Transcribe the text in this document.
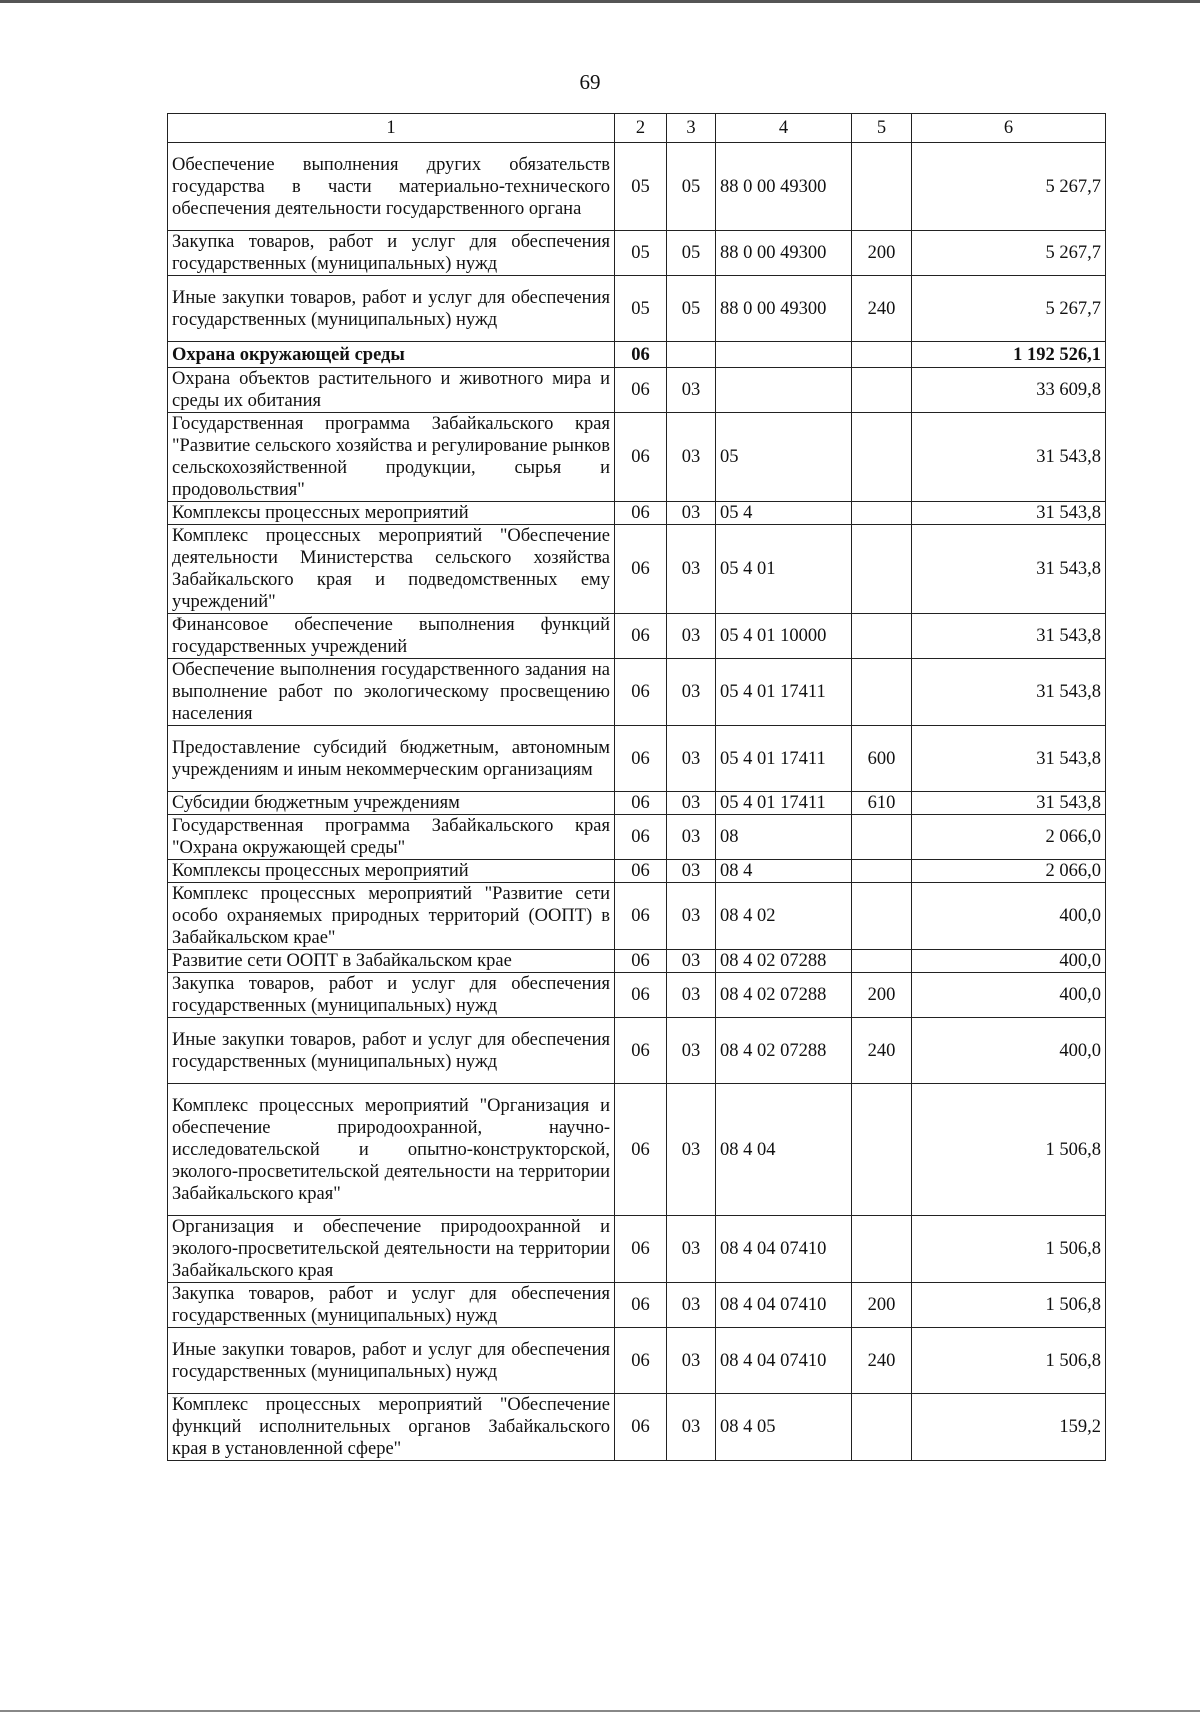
69
1	2	3	4	5	6
Обеспечение выполнения других обязательств государства в части материально-технического обеспечения деятельности государственного органа	05	05	88 0 00 49300		5 267,7
Закупка товаров, работ и услуг для обеспечения государственных (муниципальных) нужд	05	05	88 0 00 49300	200	5 267,7
Иные закупки товаров, работ и услуг для обеспечения государственных (муниципальных) нужд	05	05	88 0 00 49300	240	5 267,7
Охрана окружающей среды	06				1 192 526,1
Охрана объектов растительного и животного мира и среды их обитания	06	03			33 609,8
Государственная программа Забайкальского края "Развитие сельского хозяйства и регулирование рынков сельскохозяйственной продукции, сырья и продовольствия"	06	03	05		31 543,8
Комплексы процессных мероприятий	06	03	05 4		31 543,8
Комплекс процессных мероприятий "Обеспечение деятельности Министерства сельского хозяйства Забайкальского края и подведомственных ему учреждений"	06	03	05 4 01		31 543,8
Финансовое обеспечение выполнения функций государственных учреждений	06	03	05 4 01 10000		31 543,8
Обеспечение выполнения государственного задания на выполнение работ по экологическому просвещению населения	06	03	05 4 01 17411		31 543,8
Предоставление субсидий бюджетным, автономным учреждениям и иным некоммерческим организациям	06	03	05 4 01 17411	600	31 543,8
Субсидии бюджетным учреждениям	06	03	05 4 01 17411	610	31 543,8
Государственная программа Забайкальского края "Охрана окружающей среды"	06	03	08		2 066,0
Комплексы процессных мероприятий	06	03	08 4		2 066,0
Комплекс процессных мероприятий "Развитие сети особо охраняемых природных территорий (ООПТ) в Забайкальском крае"	06	03	08 4 02		400,0
Развитие сети ООПТ в Забайкальском крае	06	03	08 4 02 07288		400,0
Закупка товаров, работ и услуг для обеспечения государственных (муниципальных) нужд	06	03	08 4 02 07288	200	400,0
Иные закупки товаров, работ и услуг для обеспечения государственных (муниципальных) нужд	06	03	08 4 02 07288	240	400,0
Комплекс процессных мероприятий "Организация и обеспечение природоохранной, научно-исследовательской и опытно-конструкторской, эколого-просветительской деятельности на территории Забайкальского края"	06	03	08 4 04		1 506,8
Организация и обеспечение природоохранной и эколого-просветительской деятельности на территории Забайкальского края	06	03	08 4 04 07410		1 506,8
Закупка товаров, работ и услуг для обеспечения государственных (муниципальных) нужд	06	03	08 4 04 07410	200	1 506,8
Иные закупки товаров, работ и услуг для обеспечения государственных (муниципальных) нужд	06	03	08 4 04 07410	240	1 506,8
Комплекс процессных мероприятий "Обеспечение функций исполнительных органов Забайкальского края в установленной сфере"	06	03	08 4 05		159,2
